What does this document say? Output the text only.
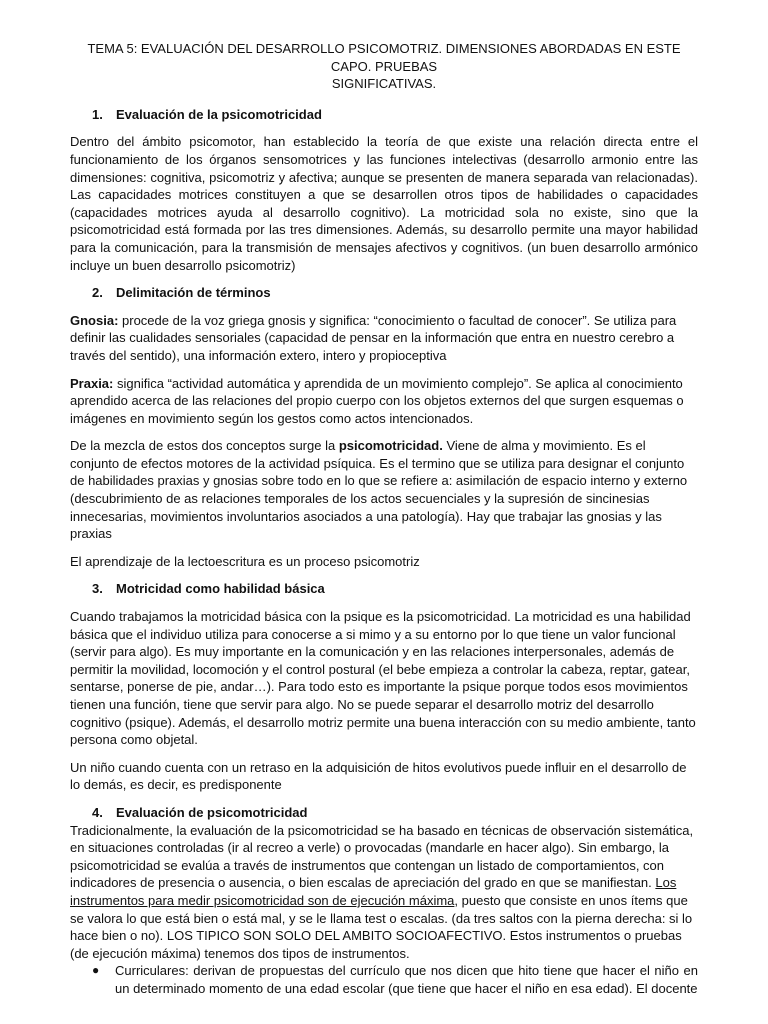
TEMA 5: EVALUACIÓN DEL DESARROLLO PSICOMOTRIZ. DIMENSIONES ABORDADAS EN ESTE CAPO. PRUEBAS
SIGNIFICATIVAS.
1. Evaluación de la psicomotricidad

Dentro del ámbito psicomotor, han establecido la teoría de que existe una relación directa entre el funcionamiento de los órganos sensomotrices y las funciones intelectivas (desarrollo armonio entre las dimensiones: cognitiva, psicomotriz y afectiva; aunque se presenten de manera separada van relacionadas). Las capacidades motrices constituyen a que se desarrollen otros tipos de habilidades o capacidades (capacidades motrices ayuda al desarrollo cognitivo). La motricidad sola no existe, sino que la psicomotricidad está formada por las tres dimensiones. Además, su desarrollo permite una mayor habilidad para la comunicación, para la transmisión de mensajes afectivos y cognitivos. (un buen desarrollo armónico incluye un buen desarrollo psicomotriz)

2. Delimitación de términos

Gnosia: procede de la voz griega gnosis y significa: “conocimiento o facultad de conocer”. Se utiliza para definir las cualidades sensoriales (capacidad de pensar en la información que entra en nuestro cerebro a través del sentido), una información extero, intero y propioceptiva

Praxia: significa “actividad automática y aprendida de un movimiento complejo”. Se aplica al conocimiento aprendido acerca de las relaciones del propio cuerpo con los objetos externos del que surgen esquemas o imágenes en movimiento según los gestos como actos intencionados.

De la mezcla de estos dos conceptos surge la psicomotricidad. Viene de alma y movimiento. Es el conjunto de efectos motores de la actividad psíquica. Es el termino que se utiliza para designar el conjunto de habilidades praxias y gnosias sobre todo en lo que se refiere a: asimilación de espacio interno y externo (descubrimiento de as relaciones temporales de los actos secuenciales y la supresión de sincinesias innecesarias, movimientos involuntarios asociados a una patología). Hay que trabajar las gnosias y las praxias

El aprendizaje de la lectoescritura es un proceso psicomotriz

3. Motricidad como habilidad básica

Cuando trabajamos la motricidad básica con la psique es la psicomotricidad. La motricidad es una habilidad básica que el individuo utiliza para conocerse a si mimo y a su entorno por lo que tiene un valor funcional (servir para algo). Es muy importante en la comunicación y en las relaciones interpersonales, además de permitir la movilidad, locomoción y el control postural (el bebe empieza a controlar la cabeza, reptar, gatear, sentarse, ponerse de pie, andar…). Para todo esto es importante la psique porque todos esos movimientos tienen una función, tiene que servir para algo. No se puede separar el desarrollo motriz del desarrollo cognitivo (psique). Además, el desarrollo motriz permite una buena interacción con su medio ambiente, tanto persona como objetal.

Un niño cuando cuenta con un retraso en la adquisición de hitos evolutivos puede influir en el desarrollo de lo demás, es decir, es predisponente

4. Evaluación de psicomotricidad

Tradicionalmente, la evaluación de la psicomotricidad se ha basado en técnicas de observación sistemática, en situaciones controladas (ir al recreo a verle) o provocadas (mandarle en hacer algo). Sin embargo, la psicomotricidad se evalúa a través de instrumentos que contengan un listado de comportamientos, con indicadores de presencia o ausencia, o bien escalas de apreciación del grado en que se manifiestan. Los instrumentos para medir psicomotricidad son de ejecución máxima, puesto que consiste en unos ítems que se valora lo que está bien o está mal, y se le llama test o escalas. (da tres saltos con la pierna derecha: si lo hace bien o no). LOS TIPICO SON SOLO DEL AMBITO SOCIOAFECTIVO. Estos instrumentos o pruebas (de ejecución máxima) tenemos dos tipos de instrumentos.

● Curriculares: derivan de propuestas del currículo que nos dicen que hito tiene que hacer el niño en un determinado momento de una edad escolar (que tiene que hacer el niño en esa edad). El docente
